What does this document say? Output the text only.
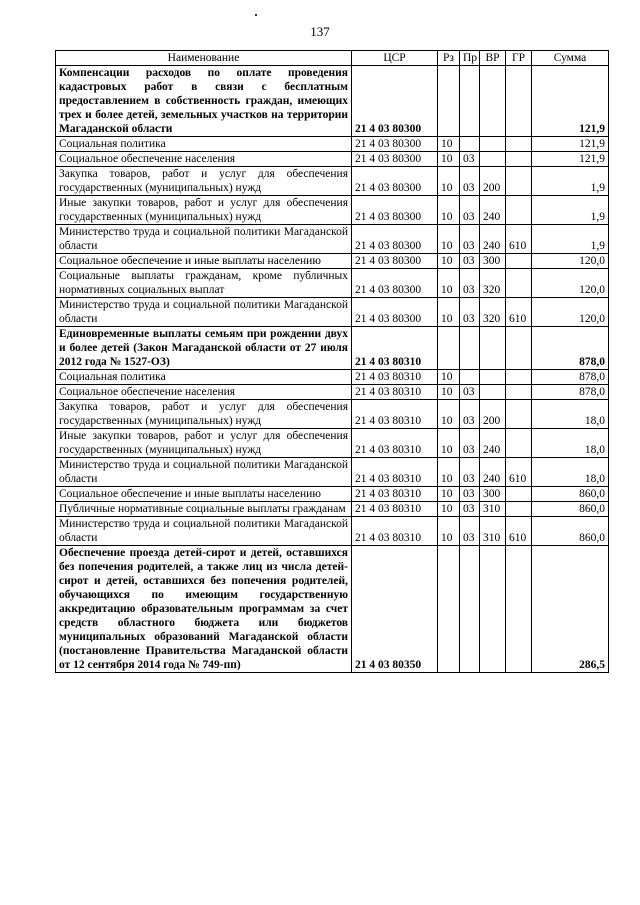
137
Наименование	ЦСР	Рз	Пр	ВР	ГР	Сумма
Компенсации расходов по оплате проведения кадастровых работ в связи с бесплатным предоставлением в собственность граждан, имеющих трех и более детей, земельных участков на территории Магаданской области	21 4 03 80300					121,9
Социальная политика	21 4 03 80300	10				121,9
Социальное обеспечение населения	21 4 03 80300	10	03			121,9
Закупка товаров, работ и услуг для обеспечения государственных (муниципальных) нужд	21 4 03 80300	10	03	200		1,9
Иные закупки товаров, работ и услуг для обеспечения государственных (муниципальных) нужд	21 4 03 80300	10	03	240		1,9
Министерство труда и социальной политики Магаданской области	21 4 03 80300	10	03	240	610	1,9
Социальное обеспечение и иные выплаты населению	21 4 03 80300	10	03	300		120,0
Социальные выплаты гражданам, кроме публичных нормативных социальных выплат	21 4 03 80300	10	03	320		120,0
Министерство труда и социальной политики Магаданской области	21 4 03 80300	10	03	320	610	120,0
Единовременные выплаты семьям при рождении двух и более детей (Закон Магаданской области от 27 июля 2012 года № 1527-ОЗ)	21 4 03 80310					878,0
Социальная политика	21 4 03 80310	10				878,0
Социальное обеспечение населения	21 4 03 80310	10	03			878,0
Закупка товаров, работ и услуг для обеспечения государственных (муниципальных) нужд	21 4 03 80310	10	03	200		18,0
Иные закупки товаров, работ и услуг для обеспечения государственных (муниципальных) нужд	21 4 03 80310	10	03	240		18,0
Министерство труда и социальной политики Магаданской области	21 4 03 80310	10	03	240	610	18,0
Социальное обеспечение и иные выплаты населению	21 4 03 80310	10	03	300		860,0
Публичные нормативные социальные выплаты гражданам	21 4 03 80310	10	03	310		860,0
Министерство труда и социальной политики Магаданской области	21 4 03 80310	10	03	310	610	860,0
Обеспечение проезда детей-сирот и детей, оставшихся без попечения родителей, а также лиц из числа детей-сирот и детей, оставшихся без попечения родителей, обучающихся по имеющим государственную аккредитацию образовательным программам за счет средств областного бюджета или бюджетов муниципальных образований Магаданской области (постановление Правительства Магаданской области от 12 сентября 2014 года № 749-пп)	21 4 03 80350					286,5
